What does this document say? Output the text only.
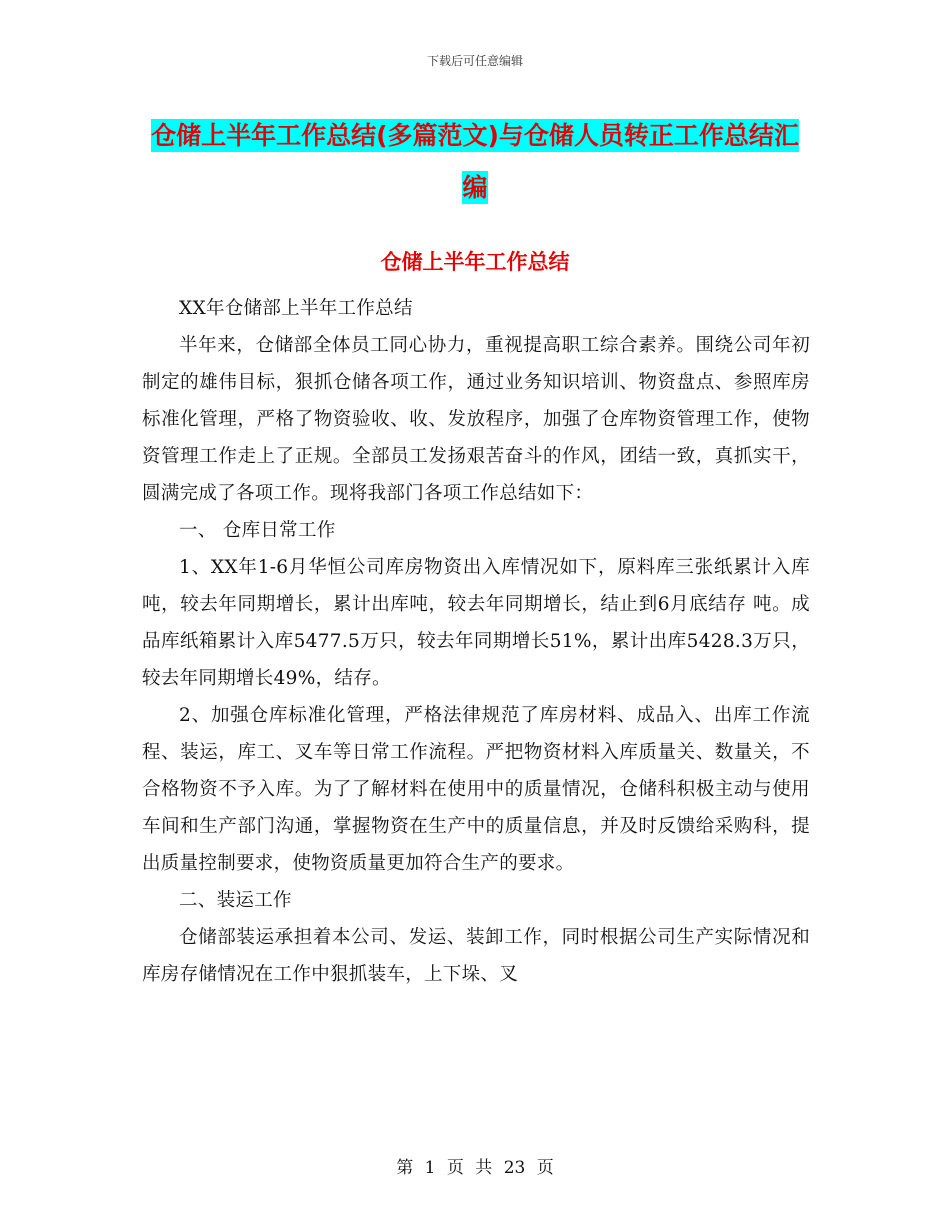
下载后可任意编辑
仓储上半年工作总结(多篇范文)与仓储人员转正工作总结汇编
仓储上半年工作总结

XX年仓储部上半年工作总结

半年来，仓储部全体员工同心协力，重视提高职工综合素养。围绕公司年初制定的雄伟目标，狠抓仓储各项工作，通过业务知识培训、物资盘点、参照库房标准化管理，严格了物资验收、收、发放程序，加强了仓库物资管理工作，使物资管理工作走上了正规。全部员工发扬艰苦奋斗的作风，团结一致，真抓实干，圆满完成了各项工作。现将我部门各项工作总结如下：

一、 仓库日常工作

1、XX年1-6月华恒公司库房物资出入库情况如下，原料库三张纸累计入库吨，较去年同期增长，累计出库吨，较去年同期增长，结止到6月底结存 吨。成品库纸箱累计入库5477.5万只，较去年同期增长51%，累计出库5428.3万只，较去年同期增长49%，结存。

2、加强仓库标准化管理，严格法律规范了库房材料、成品入、出库工作流程、装运，库工、叉车等日常工作流程。严把物资材料入库质量关、数量关，不合格物资不予入库。为了了解材料在使用中的质量情况，仓储科积极主动与使用车间和生产部门沟通，掌握物资在生产中的质量信息，并及时反馈给采购科，提出质量控制要求，使物资质量更加符合生产的要求。

二、装运工作

仓储部装运承担着本公司、发运、装卸工作，同时根据公司生产实际情况和库房存储情况在工作中狠抓装车，上下垛、叉

第 1 页 共 23 页
